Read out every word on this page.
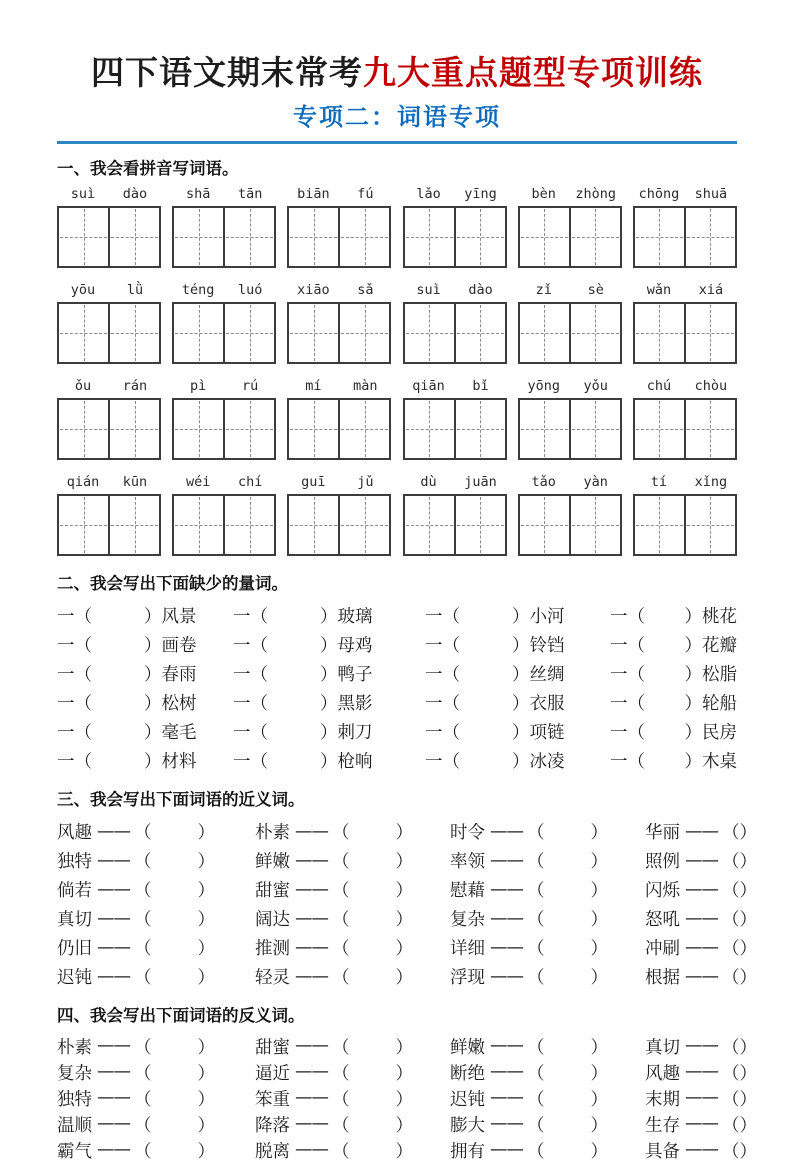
四下语文期末常考九大重点题型专项训练
专项二：词语专项
一、我会看拼音写词语。
suì	dào	shā	tān	biān	fú	lǎo	yīng	bèn	zhòng	chōng	shuā
yōu	lǜ	téng	luó	xiāo	sǎ	suì	dào	zǐ	sè	wǎn	xiá
ǒu	rán	pì	rú	mí	màn	qiān	bǐ	yōng	yǒu	chú	chòu
qián	kūn	wéi	chí	guī	jǔ	dù	juān	tǎo	yàn	tí	xǐng
二、我会写出下面缺少的量词。
一 （	） 风景 一 （	） 玻璃	一 （	） 小河	一 （ ） 桃花
一 （	） 画卷 一 （	） 母鸡	一 （	） 铃铛	一 （ ） 花瓣
一 （	） 春雨 一 （	） 鸭子	一 （	） 丝绸	一 （ ） 松脂
一 （	） 松树 一 （	） 黑影	一 （	） 衣服	一 （ ） 轮船
一 （	） 毫毛 一 （	） 刺刀	一 （	） 项链	一 （ ） 民房
一 （	） 材料 一 （	） 枪响	一 （	） 冰凌	一 （ ） 木桌
三、我会写出下面词语的近义词。
风趣 —— （	） 朴素 —— （	） 时令 —— （	） 华丽 —— （ ）
独特 —— （	） 鲜嫩 —— （	） 率领 —— （	） 照例 —— （ ）
倘若 —— （	） 甜蜜 —— （	） 慰藉 —— （	） 闪烁 —— （ ）
真切 —— （	） 阔达 —— （	） 复杂 —— （	） 怒吼 —— （ ）
仍旧 —— （	） 推测 —— （	） 详细 —— （	） 冲刷 —— （ ）
迟钝 —— （	） 轻灵 —— （	） 浮现 —— （	） 根据 —— （ ）
四、我会写出下面词语的反义词。
朴素 —— （	） 甜蜜 —— （	） 鲜嫩 —— （	） 真切 —— （ ）
复杂 —— （	） 逼近 —— （	） 断绝 —— （	） 风趣 —— （ ）
独特 —— （	） 笨重 —— （	） 迟钝 —— （	） 末期 —— （ ）
温顺 —— （	） 降落 —— （	） 膨大 —— （	） 生存 —— （ ）
霸气 —— （	） 脱离 —— （	） 拥有 —— （	） 具备 —— （ ）
